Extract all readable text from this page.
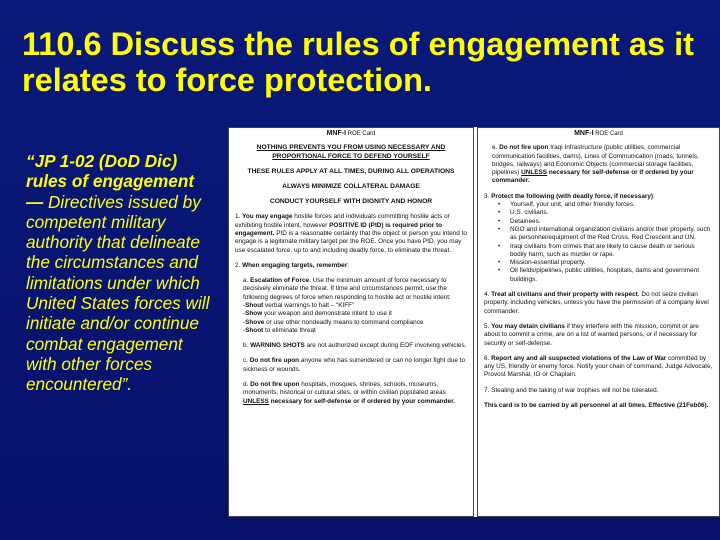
110.6 Discuss the rules of engagement as it relates to force protection.
“JP 1-02 (DoD Dic) rules of engagement — Directives issued by competent military authority that delineate the circumstances and limitations under which United States forces will initiate and/or continue combat engagement with other forces encountered”.
MNF-I ROE Card
NOTHING PREVENTS YOU FROM USING NECESSARY AND PROPORTIONAL FORCE TO DEFEND YOURSELF
THESE RULES APPLY AT ALL TIMES, DURING ALL OPERATIONS
ALWAYS MINIMIZE COLLATERAL DAMAGE
CONDUCT YOURSELF WITH DIGNITY AND HONOR
1. You may engage hostile forces and individuals committing hostile acts or exhibiting hostile intent, however POSITIVE ID (PID) is required prior to engagement. PID is a reasonable certainty that the object or person you intend to engage is a legitimate military target per the ROE. Once you have PID, you may use escalated force, up to and including deadly force, to eliminate the threat.
2. When engaging targets, remember:
a. Escalation of Force. Use the minimum amount of force necessary to decisively eliminate the threat. If time and circumstances permit, use the following degrees of force when responding to hostile act or hostile intent:
-Shout verbal warnings to halt – “KIFF”
-Show your weapon and demonstrate intent to use it
-Shove or use other nondeadly means to command compliance
-Shoot to eliminate threat
b. WARNING SHOTS are not authorized except during EOF involving vehicles.
c. Do not fire upon anyone who has surrendered or can no longer fight due to sickness or wounds.
d. Do not fire upon hospitals, mosques, shrines, schools, museums, monuments, historical or cultural sites, or within civilian populated areas UNLESS necessary for self-defense or if ordered by your commander.
MNF-I ROE Card
e. Do not fire upon Iraqi Infrastructure (public utilities, commercial communication facilities, dams), Lines of Communication (roads, tunnels, bridges, railways) and Economic Objects (commercial storage facilities, pipelines) UNLESS necessary for self-defense or if ordered by your commander.
3. Protect the following (with deadly force, if necessary):
• Yourself, your unit, and other friendly forces.
• U.S. civilians.
• Detainees.
• NGO and international organization civilians and/or their property, such as personnel/equipment of the Red Cross, Red Crescent and UN.
• Iraqi civilians from crimes that are likely to cause death or serious bodily harm, such as murder or rape.
• Mission-essential property.
• Oil fields/pipelines, public utilities, hospitals, dams and government buildings.
4. Treat all civilians and their property with respect. Do not seize civilian property, including vehicles, unless you have the permission of a company level commander.
5. You may detain civilians if they interfere with the mission, commit or are about to commit a crime, are on a list of wanted persons, or if necessary for security or self-defense.
6. Report any and all suspected violations of the Law of War committed by any US, friendly or enemy force. Notify your chain of command, Judge Advocate, Provost Marshal, IG or Chaplain.
7. Stealing and the taking of war trophies will not be tolerated.
This card is to be carried by all personnel at all times. Effective (21Feb06).
